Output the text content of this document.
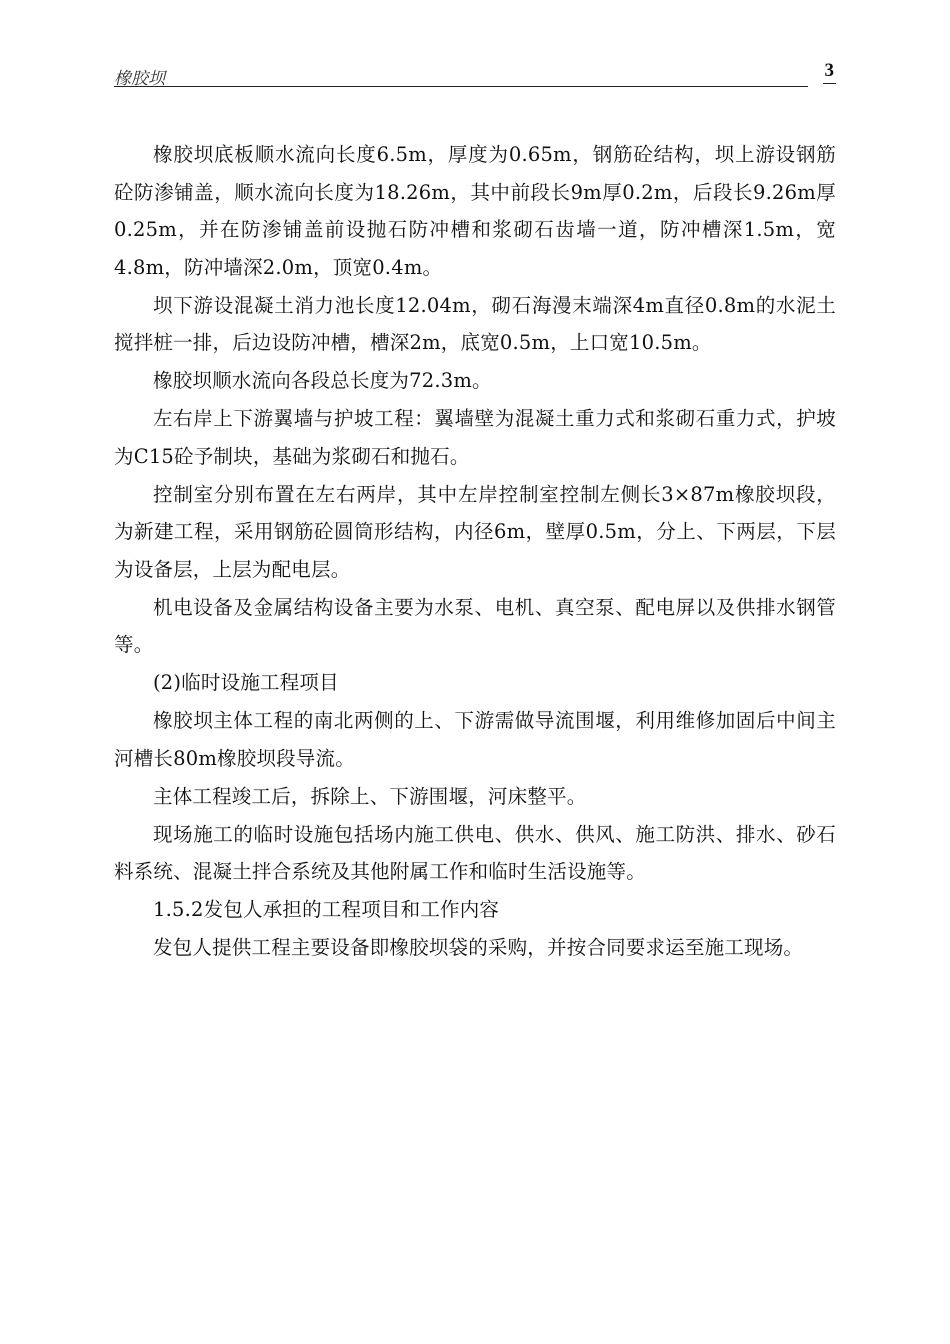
橡胶坝	3

橡胶坝底板顺水流向长度6.5m，厚度为0.65m，钢筋砼结构，坝上游设钢筋砼防渗铺盖，顺水流向长度为18.26m，其中前段长9m厚0.2m，后段长9.26m厚0.25m，并在防渗铺盖前设抛石防冲槽和浆砌石齿墙一道，防冲槽深1.5m，宽4.8m，防冲墙深2.0m，顶宽0.4m。

坝下游设混凝土消力池长度12.04m，砌石海漫末端深4m直径0.8m的水泥土搅拌桩一排，后边设防冲槽，槽深2m，底宽0.5m，上口宽10.5m。

橡胶坝顺水流向各段总长度为72.3m。

左右岸上下游翼墙与护坡工程：翼墙壁为混凝土重力式和浆砌石重力式，护坡为C15砼予制块，基础为浆砌石和抛石。

控制室分别布置在左右两岸，其中左岸控制室控制左侧长3×87m橡胶坝段，为新建工程，采用钢筋砼圆筒形结构，内径6m，壁厚0.5m，分上、下两层，下层为设备层，上层为配电层。

机电设备及金属结构设备主要为水泵、电机、真空泵、配电屏以及供排水钢管等。

(2)临时设施工程项目

橡胶坝主体工程的南北两侧的上、下游需做导流围堰，利用维修加固后中间主河槽长80m橡胶坝段导流。

主体工程竣工后，拆除上、下游围堰，河床整平。

现场施工的临时设施包括场内施工供电、供水、供风、施工防洪、排水、砂石料系统、混凝土拌合系统及其他附属工作和临时生活设施等。

1.5.2发包人承担的工程项目和工作内容

发包人提供工程主要设备即橡胶坝袋的采购，并按合同要求运至施工现场。
